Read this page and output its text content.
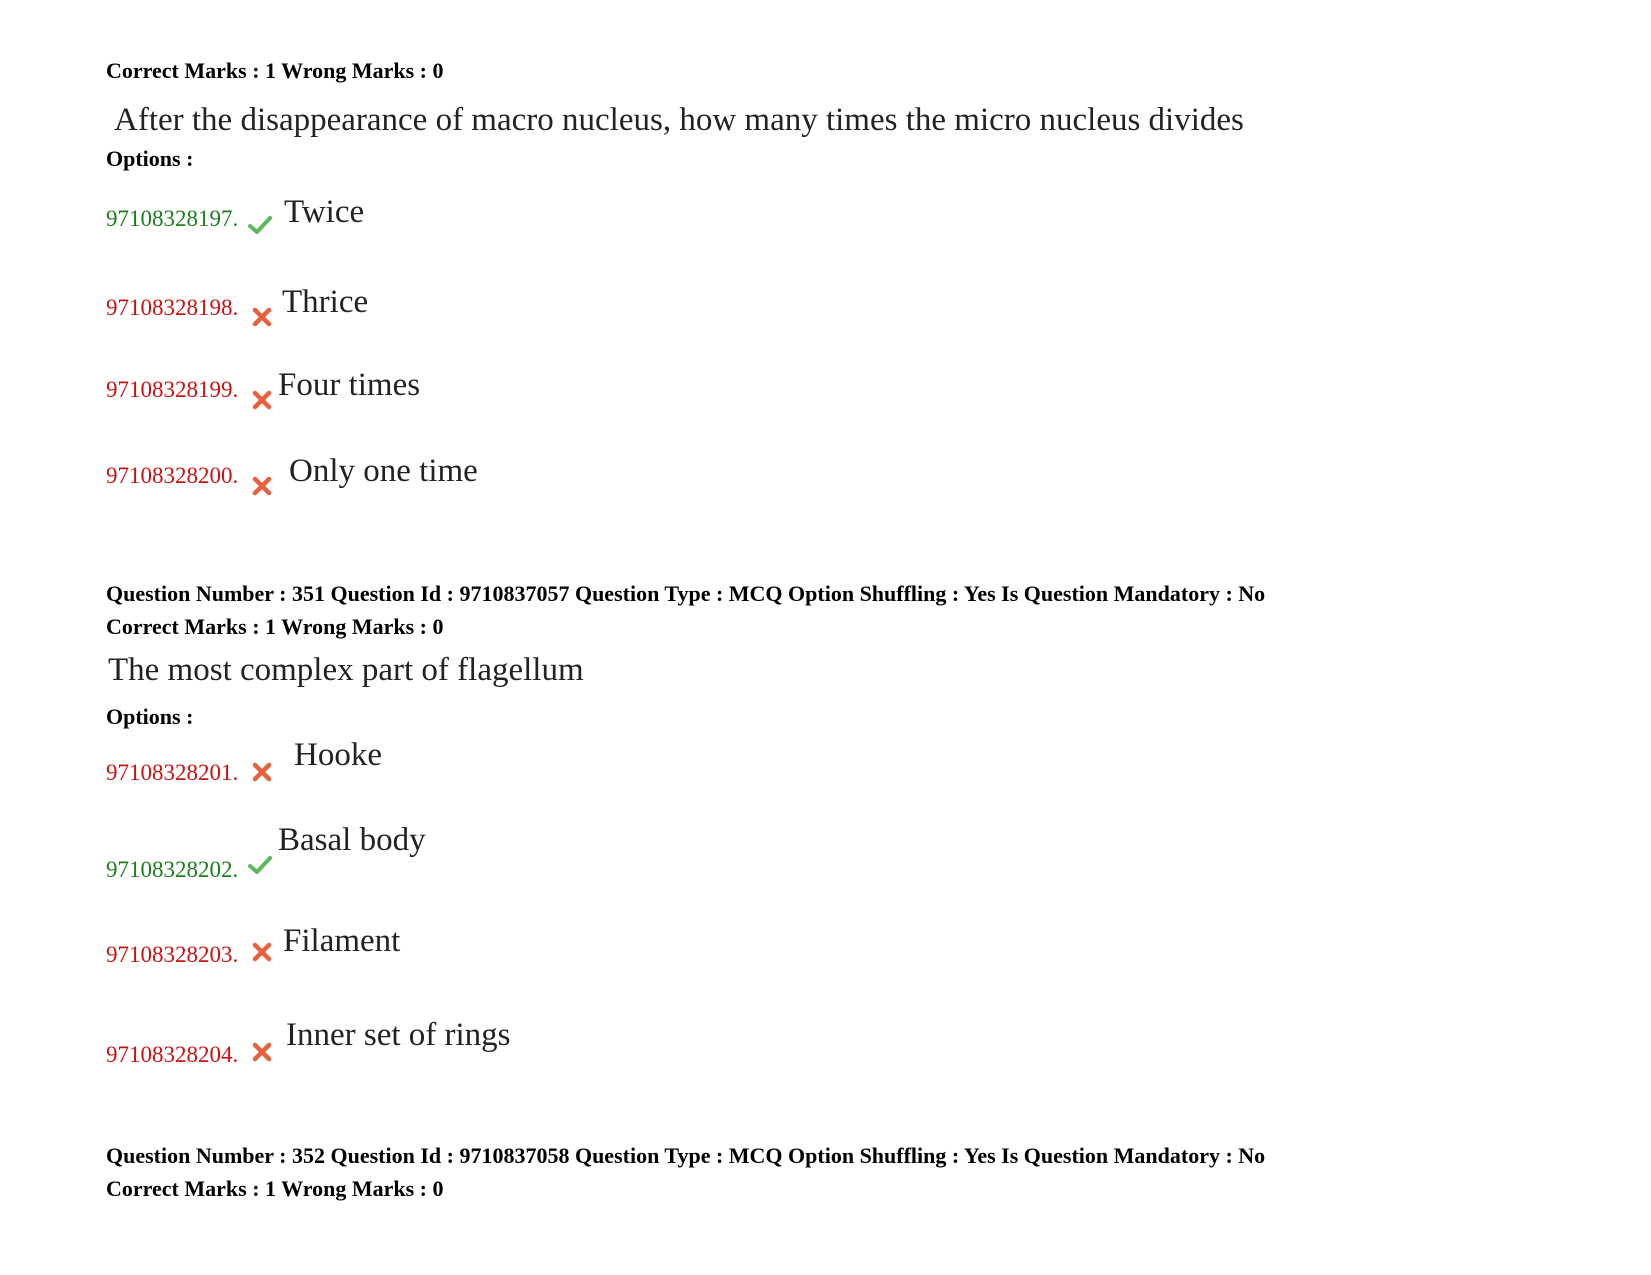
Correct Marks : 1 Wrong Marks : 0
After the disappearance of macro nucleus, how many times the micro nucleus divides
Options :
97108328197. Twice
97108328198. Thrice
97108328199. Four times
97108328200. Only one time
Question Number : 351 Question Id : 9710837057 Question Type : MCQ Option Shuffling : Yes Is Question Mandatory : No
Correct Marks : 1 Wrong Marks : 0
The most complex part of flagellum
Options :
97108328201. Hooke
97108328202.
Basal body
97108328203. Filament
97108328204.
Inner set of rings
Question Number : 352 Question Id : 9710837058 Question Type : MCQ Option Shuffling : Yes Is Question Mandatory : No
Correct Marks : 1 Wrong Marks : 0
